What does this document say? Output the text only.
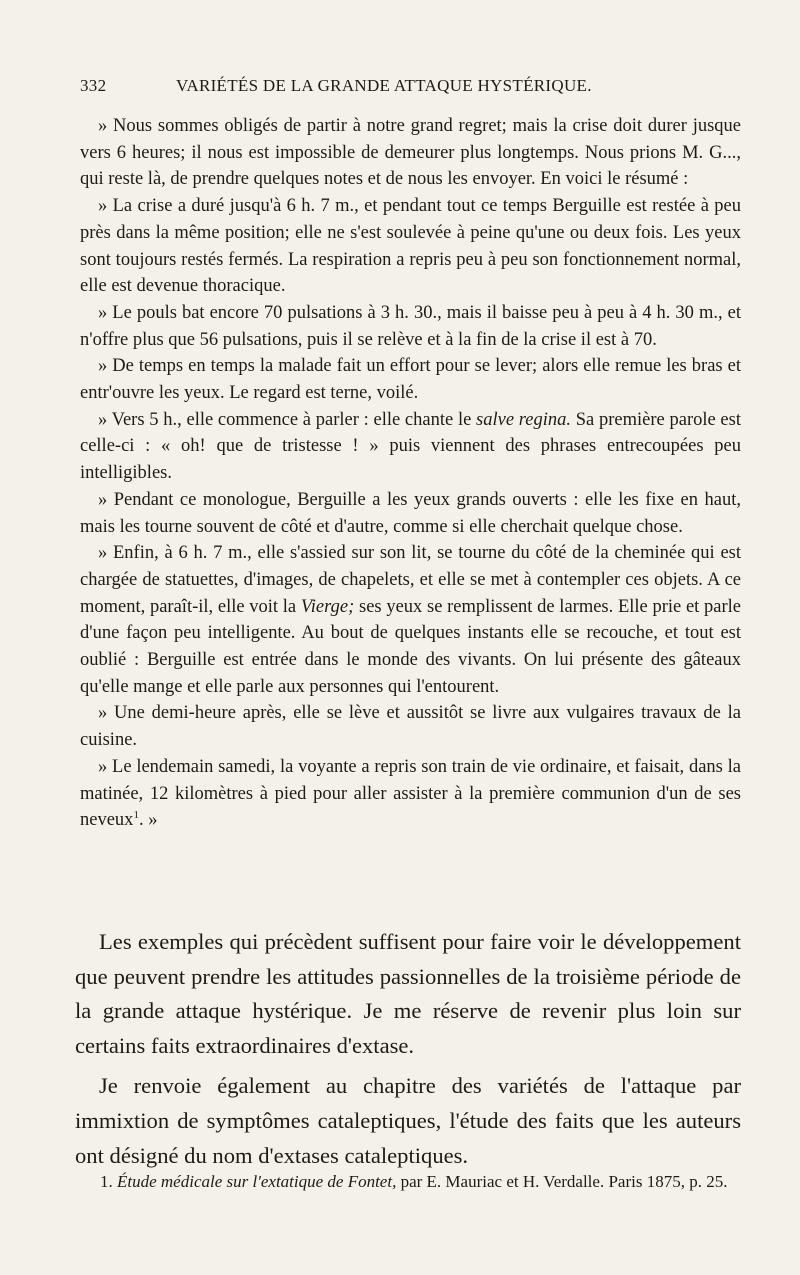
332	VARIÉTÉS DE LA GRANDE ATTAQUE HYSTÉRIQUE.

» Nous sommes obligés de partir à notre grand regret; mais la crise doit durer jusque vers 6 heures; il nous est impossible de demeurer plus longtemps. Nous prions M. G..., qui reste là, de prendre quelques notes et de nous les envoyer. En voici le résumé :

» La crise a duré jusqu'à 6 h. 7 m., et pendant tout ce temps Berguille est restée à peu près dans la même position; elle ne s'est soulevée à peine qu'une ou deux fois. Les yeux sont toujours restés fermés. La respiration a repris peu à peu son fonctionnement normal, elle est devenue thoracique.

» Le pouls bat encore 70 pulsations à 3 h. 30., mais il baisse peu à peu à 4 h. 30 m., et n'offre plus que 56 pulsations, puis il se relève et à la fin de la crise il est à 70.

» De temps en temps la malade fait un effort pour se lever; alors elle remue les bras et entr'ouvre les yeux. Le regard est terne, voilé.

» Vers 5 h., elle commence à parler : elle chante le salve regina. Sa première parole est celle-ci : « oh! que de tristesse ! » puis viennent des phrases entrecoupées peu intelligibles.

» Pendant ce monologue, Berguille a les yeux grands ouverts : elle les fixe en haut, mais les tourne souvent de côté et d'autre, comme si elle cherchait quelque chose.

» Enfin, à 6 h. 7 m., elle s'assied sur son lit, se tourne du côté de la cheminée qui est chargée de statuettes, d'images, de chapelets, et elle se met à contempler ces objets. A ce moment, paraît-il, elle voit la Vierge; ses yeux se remplissent de larmes. Elle prie et parle d'une façon peu intelligente. Au bout de quelques instants elle se recouche, et tout est oublié : Berguille est entrée dans le monde des vivants. On lui présente des gâteaux qu'elle mange et elle parle aux personnes qui l'entourent.

» Une demi-heure après, elle se lève et aussitôt se livre aux vulgaires travaux de la cuisine.

» Le lendemain samedi, la voyante a repris son train de vie ordinaire, et faisait, dans la matinée, 12 kilomètres à pied pour aller assister à la première communion d'un de ses neveux$^1$. »

Les exemples qui précèdent suffisent pour faire voir le développement que peuvent prendre les attitudes passionnelles de la troisième période de la grande attaque hystérique. Je me réserve de revenir plus loin sur certains faits extraordinaires d'extase.

Je renvoie également au chapitre des variétés de l'attaque par immixtion de symptômes cataleptiques, l'étude des faits que les auteurs ont désigné du nom d'extases cataleptiques.

1. Étude médicale sur l'extatique de Fontet, par E. Mauriac et H. Verdalle. Paris 1875, p. 25.
